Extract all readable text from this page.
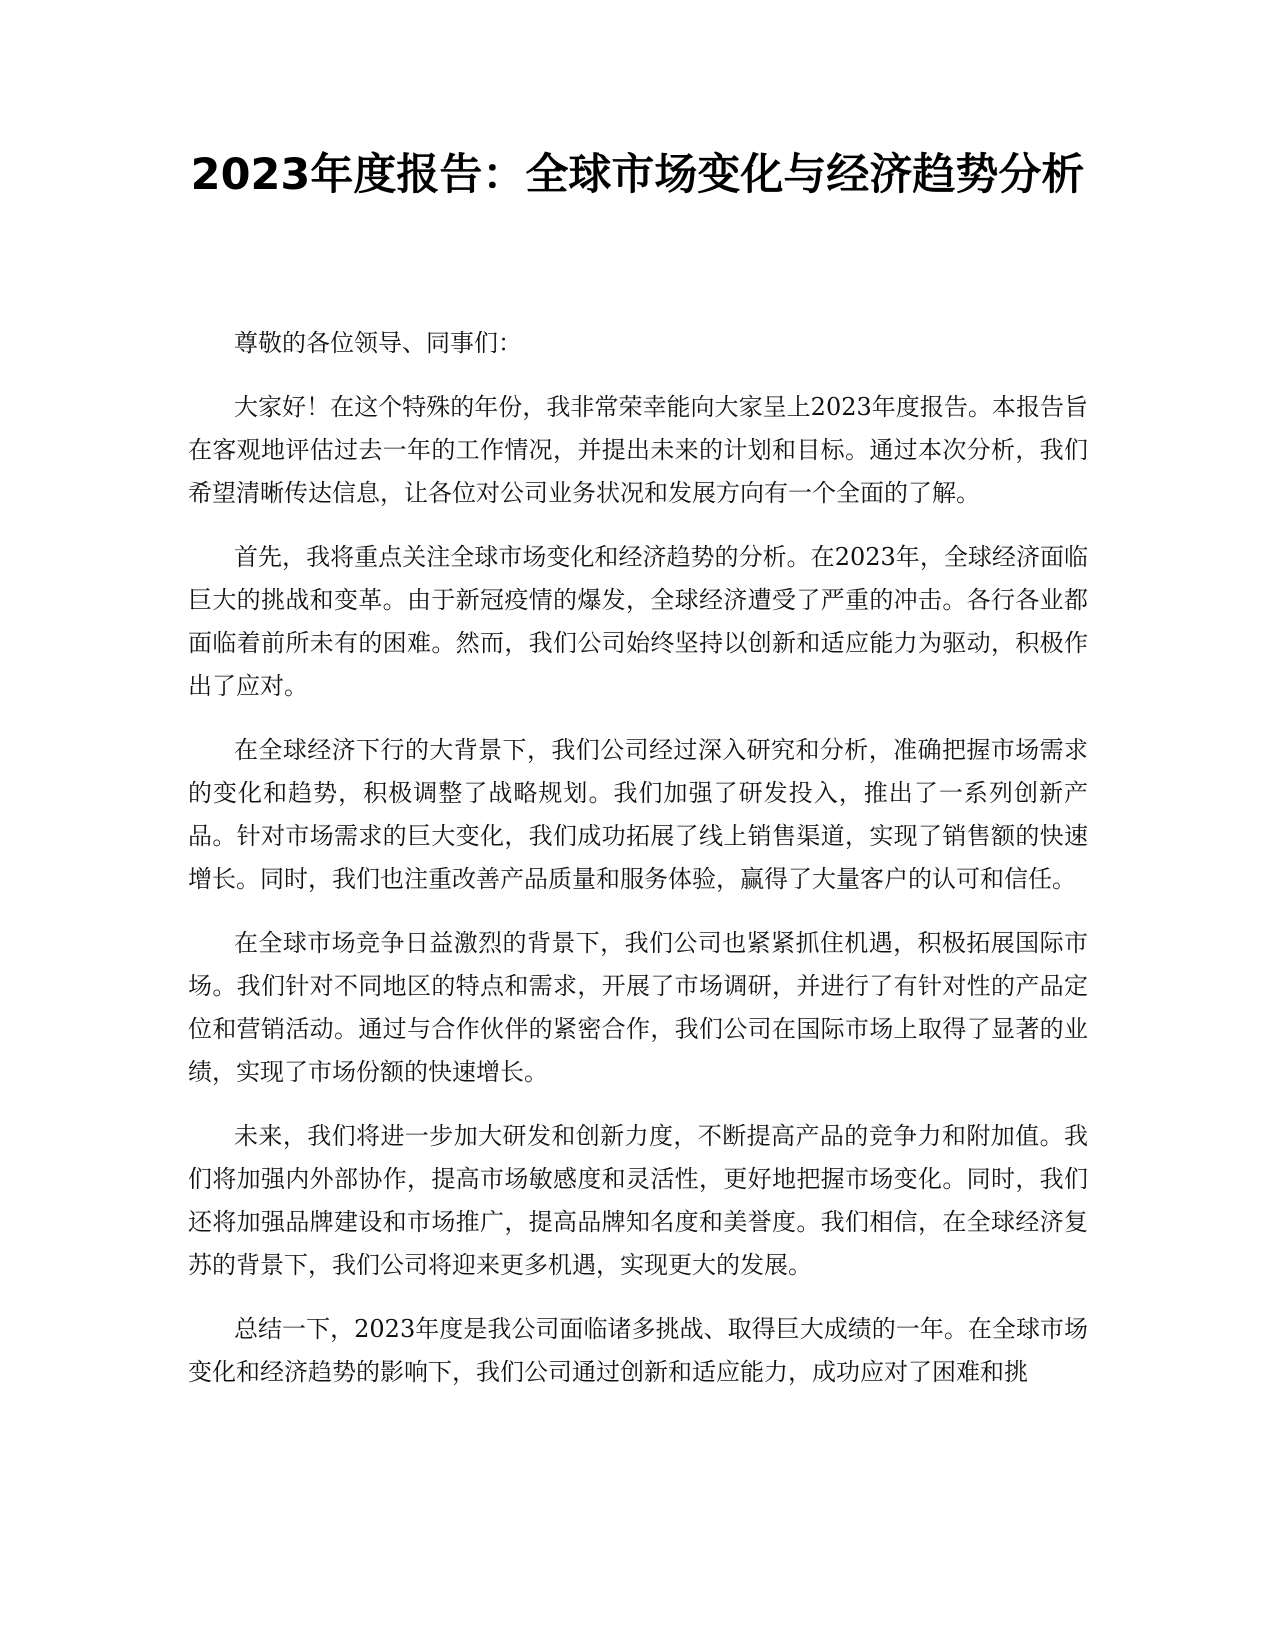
2023年度报告：全球市场变化与经济趋势分析

尊敬的各位领导、同事们：

大家好！在这个特殊的年份，我非常荣幸能向大家呈上2023年度报告。本报告旨在客观地评估过去一年的工作情况，并提出未来的计划和目标。通过本次分析，我们希望清晰传达信息，让各位对公司业务状况和发展方向有一个全面的了解。

首先，我将重点关注全球市场变化和经济趋势的分析。在2023年，全球经济面临巨大的挑战和变革。由于新冠疫情的爆发，全球经济遭受了严重的冲击。各行各业都面临着前所未有的困难。然而，我们公司始终坚持以创新和适应能力为驱动，积极作出了应对。

在全球经济下行的大背景下，我们公司经过深入研究和分析，准确把握市场需求的变化和趋势，积极调整了战略规划。我们加强了研发投入，推出了一系列创新产品。针对市场需求的巨大变化，我们成功拓展了线上销售渠道，实现了销售额的快速增长。同时，我们也注重改善产品质量和服务体验，赢得了大量客户的认可和信任。

在全球市场竞争日益激烈的背景下，我们公司也紧紧抓住机遇，积极拓展国际市场。我们针对不同地区的特点和需求，开展了市场调研，并进行了有针对性的产品定位和营销活动。通过与合作伙伴的紧密合作，我们公司在国际市场上取得了显著的业绩，实现了市场份额的快速增长。

未来，我们将进一步加大研发和创新力度，不断提高产品的竞争力和附加值。我们将加强内外部协作，提高市场敏感度和灵活性，更好地把握市场变化。同时，我们还将加强品牌建设和市场推广，提高品牌知名度和美誉度。我们相信，在全球经济复苏的背景下，我们公司将迎来更多机遇，实现更大的发展。

总结一下，2023年度是我公司面临诸多挑战、取得巨大成绩的一年。在全球市场变化和经济趋势的影响下，我们公司通过创新和适应能力，成功应对了困难和挑
